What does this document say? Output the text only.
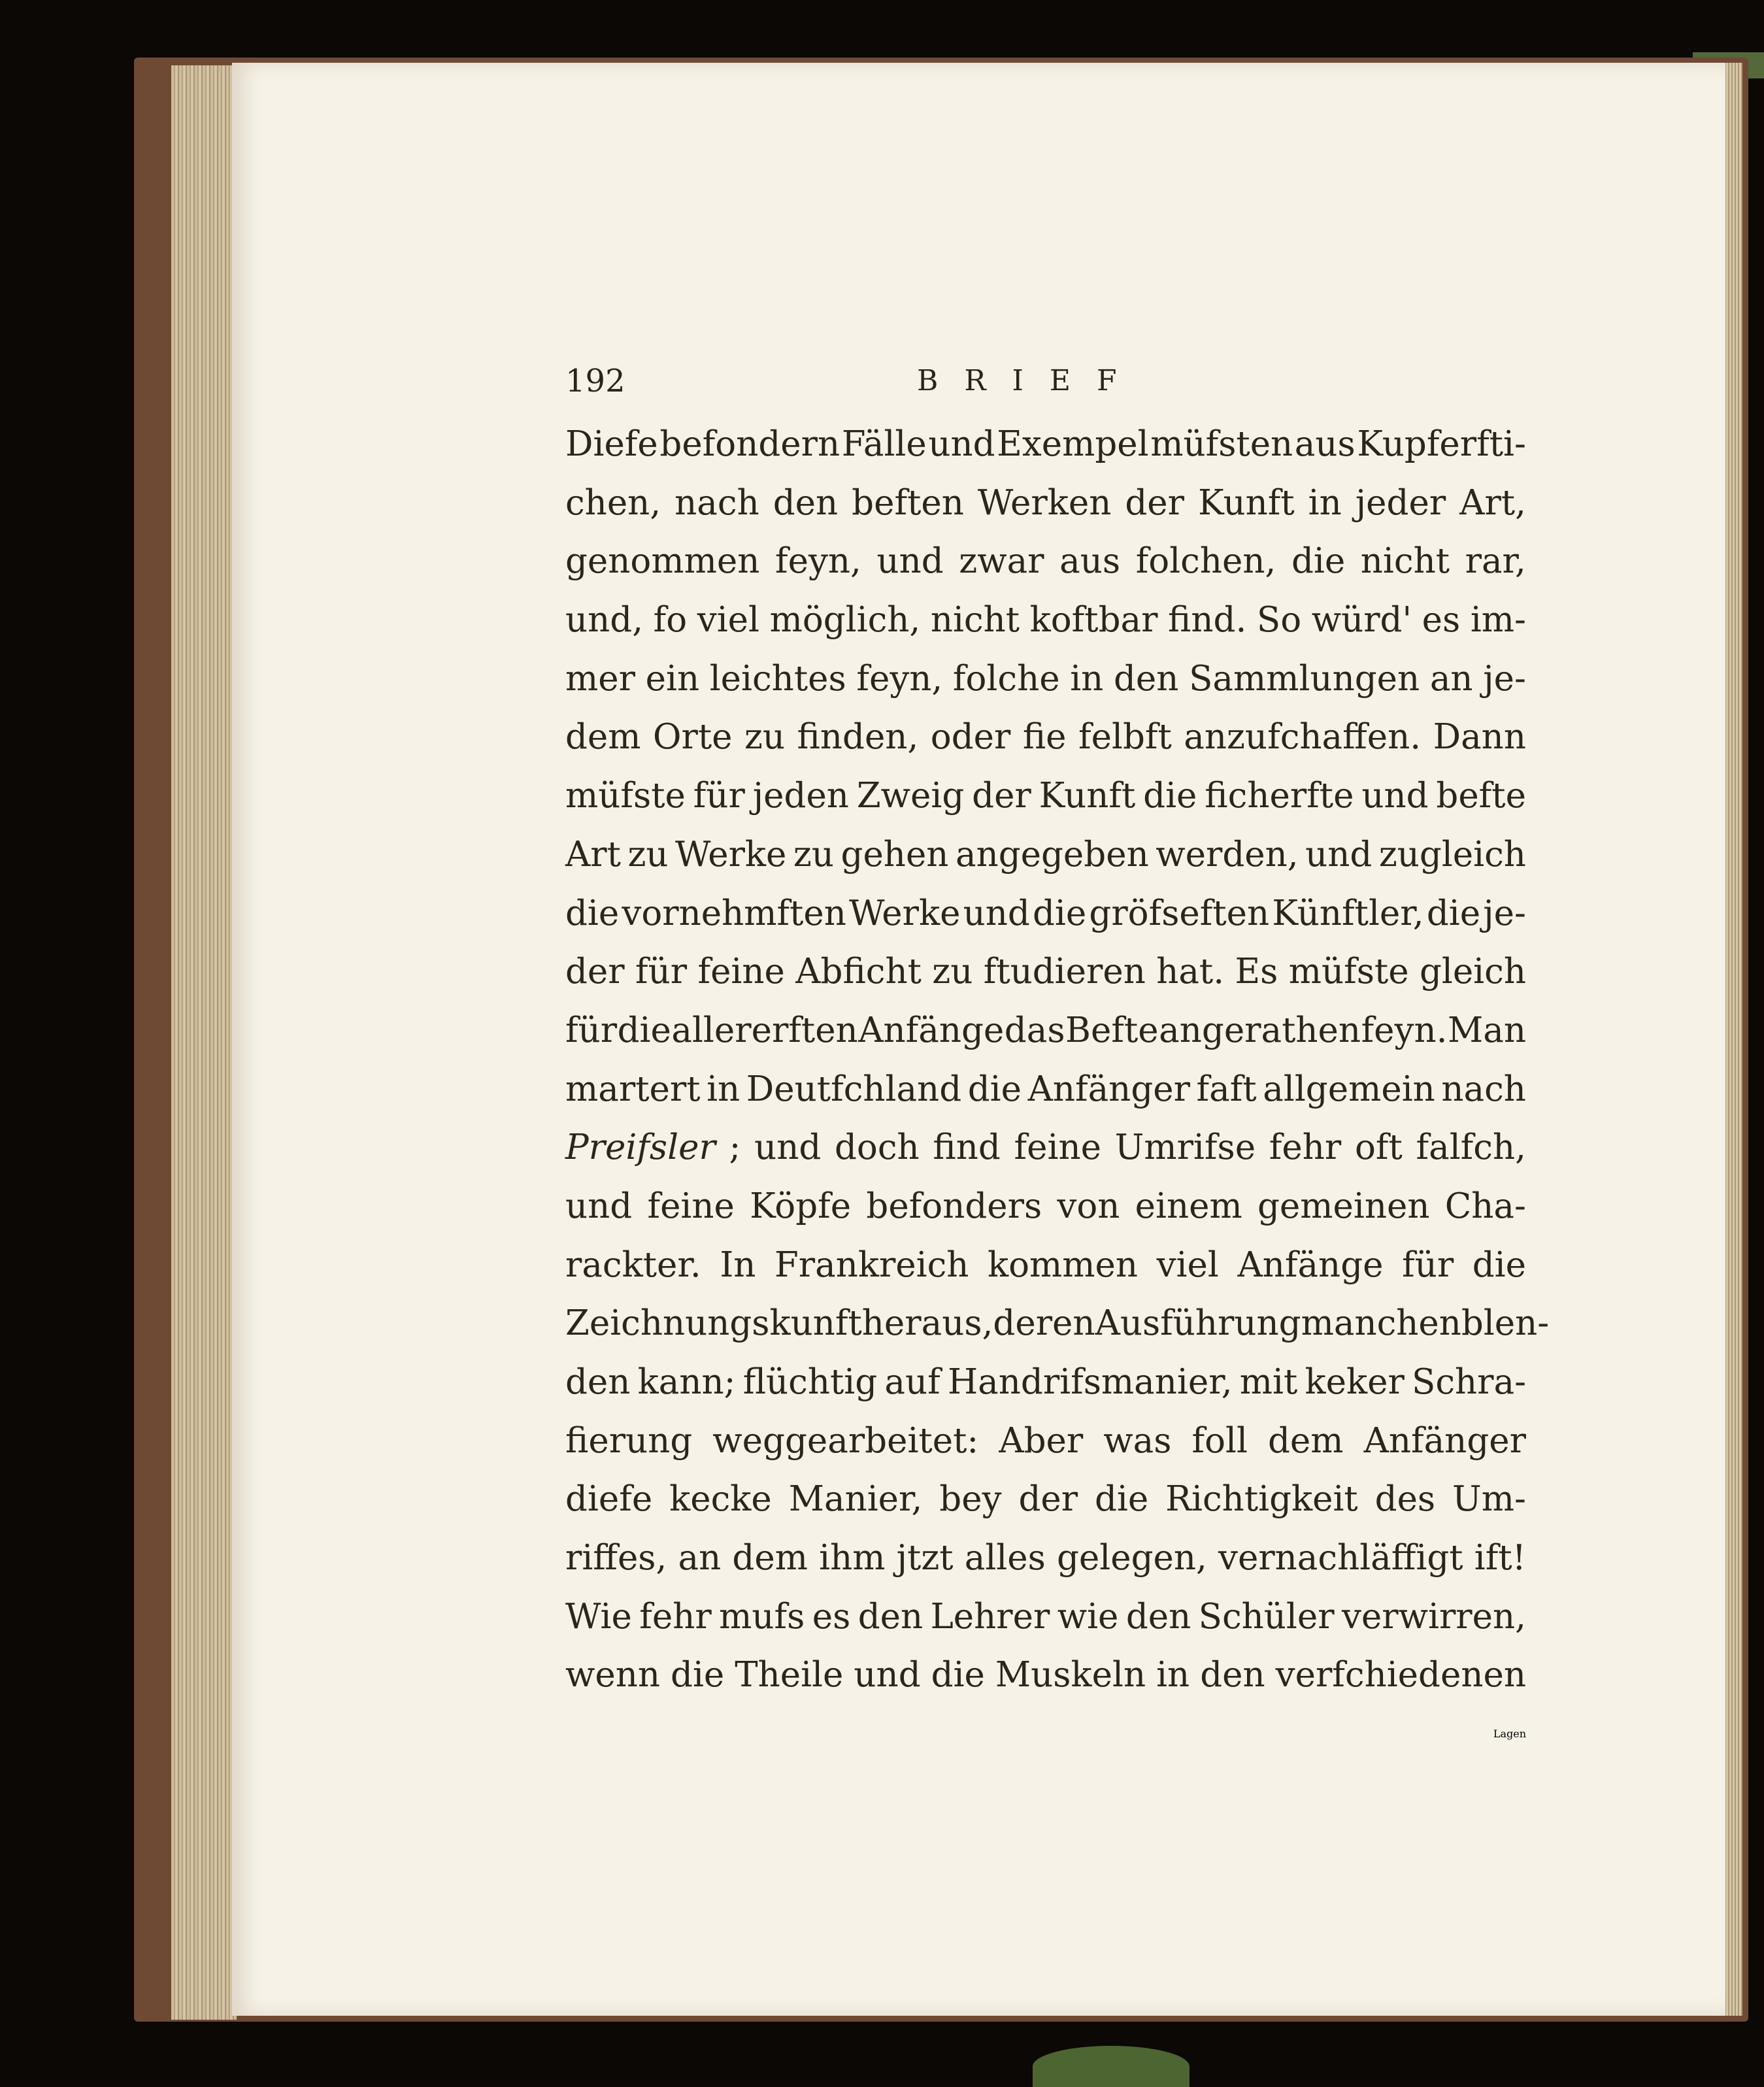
192	BRIEF
Diefe befondern Fälle und Exempel müfsten aus Kupferfti-
chen, nach den beften Werken der Kunft in jeder Art,
genommen feyn, und zwar aus folchen, die nicht rar,
und, fo viel möglich, nicht koftbar find. So würd' es im-
mer ein leichtes feyn, folche in den Sammlungen an je-
dem Orte zu finden, oder fie felbft anzufchaffen. Dann
müfste für jeden Zweig der Kunft die ficherfte und befte
Art zu Werke zu gehen angegeben werden, und zugleich
die vornehmften Werke und die gröfseften Künftler, die je-
der für feine Abficht zu ftudieren hat. Es müfste gleich
für die allererften Anfänge das Befte angerathen feyn. Man
martert in Deutfchland die Anfänger faft allgemein nach
Preifsler ; und doch find feine Umrifse fehr oft falfch,
und feine Köpfe befonders von einem gemeinen Cha-
rackter. In Frankreich kommen viel Anfänge für die
Zeichnungskunft heraus, deren Ausführung manchen blen-
den kann; flüchtig auf Handrifsmanier, mit keker Schra-
fierung weggearbeitet: Aber was foll dem Anfänger
diefe kecke Manier, bey der die Richtigkeit des Um-
riffes, an dem ihm jtzt alles gelegen, vernachläffigt ift!
Wie fehr mufs es den Lehrer wie den Schüler verwirren,
wenn die Theile und die Muskeln in den verfchiedenen
Lagen
